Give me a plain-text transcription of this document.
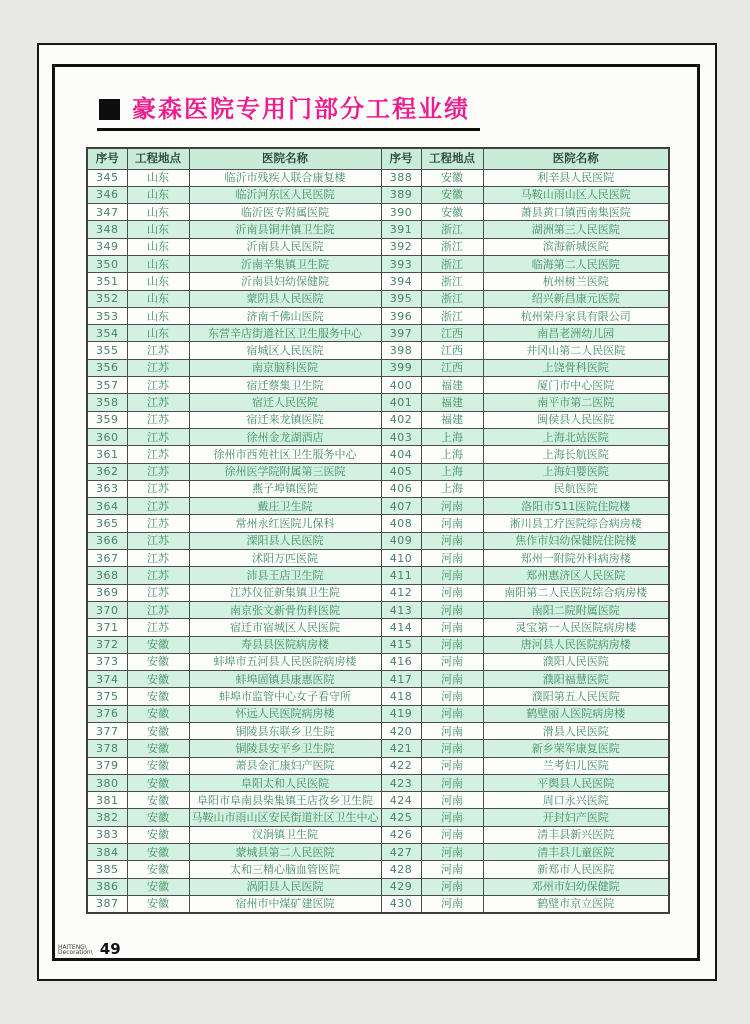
豪森医院专用门部分工程业绩
序号	工程地点	医院名称	序号	工程地点	医院名称
345	山东	临沂市残疾人联合康复楼	388	安徽	利辛县人民医院
346	山东	临沂河东区人民医院	389	安徽	马鞍山雨山区人民医院
347	山东	临沂医专附属医院	390	安徽	萧县黄口镇西南集医院
348	山东	沂南县铜井镇卫生院	391	浙江	湖洲第三人民医院
349	山东	沂南县人民医院	392	浙江	滨海新城医院
350	山东	沂南辛集镇卫生院	393	浙江	临海第二人民医院
351	山东	沂南县妇幼保健院	394	浙江	杭州树兰医院
352	山东	蒙阴县人民医院	395	浙江	绍兴新昌康元医院
353	山东	济南千佛山医院	396	浙江	杭州荣丹家具有限公司
354	山东	东营辛店街道社区卫生服务中心	397	江西	南昌老洲幼儿园
355	江苏	宿城区人民医院	398	江西	井冈山第二人民医院
356	江苏	南京脑科医院	399	江西	上饶骨科医院
357	江苏	宿迁蔡集卫生院	400	福建	厦门市中心医院
358	江苏	宿迁人民医院	401	福建	南平市第二医院
359	江苏	宿迁来龙镇医院	402	福建	闽侯县人民医院
360	江苏	徐州金龙湖酒店	403	上海	上海北站医院
361	江苏	徐州市西苑社区卫生服务中心	404	上海	上海长航医院
362	江苏	徐州医学院附属第三医院	405	上海	上海妇婴医院
363	江苏	燕子埠镇医院	406	上海	民航医院
364	江苏	戴庄卫生院	407	河南	洛阳市511医院住院楼
365	江苏	常州永红医院儿保科	408	河南	淅川县工疗医院综合病房楼
366	江苏	溧阳县人民医院	409	河南	焦作市妇幼保健院住院楼
367	江苏	沭阳万匹医院	410	河南	郑州一附院外科病房楼
368	江苏	沛县王店卫生院	411	河南	郑州惠济区人民医院
369	江苏	江苏仪征新集镇卫生院	412	河南	南阳第二人民医院综合病房楼
370	江苏	南京张文新骨伤科医院	413	河南	南阳二院附属医院
371	江苏	宿迁市宿城区人民医院	414	河南	灵宝第一人民医院病房楼
372	安徽	寿县县医院病房楼	415	河南	唐河县人民医院病房楼
373	安徽	蚌埠市五河县人民医院病房楼	416	河南	濮阳人民医院
374	安徽	蚌埠固镇县康惠医院	417	河南	濮阳福慧医院
375	安徽	蚌埠市监管中心女子看守所	418	河南	濮阳第五人民医院
376	安徽	怀远人民医院病房楼	419	河南	鹤壁丽人医院病房楼
377	安徽	铜陵县东联乡卫生院	420	河南	滑县人民医院
378	安徽	铜陵县安平乡卫生院	421	河南	新乡荣军康复医院
379	安徽	萧县金汇康妇产医院	422	河南	兰考妇儿医院
380	安徽	阜阳太和人民医院	423	河南	平舆县人民医院
381	安徽	阜阳市阜南县柴集镇王店孜乡卫生院	424	河南	周口永兴医院
382	安徽	马鞍山市雨山区安民街道社区卫生中心	425	河南	开封妇产医院
383	安徽	汊涧镇卫生院	426	河南	清丰县新兴医院
384	安徽	蒙城县第二人民医院	427	河南	清丰县儿童医院
385	安徽	太和三精心脑血管医院	428	河南	新郑市人民医院
386	安徽	涡阳县人民医院	429	河南	邓州市妇幼保健院
387	安徽	宿州市中煤矿建医院	430	河南	鹤壁市京立医院
HAITENG\
Decoration\ 49
